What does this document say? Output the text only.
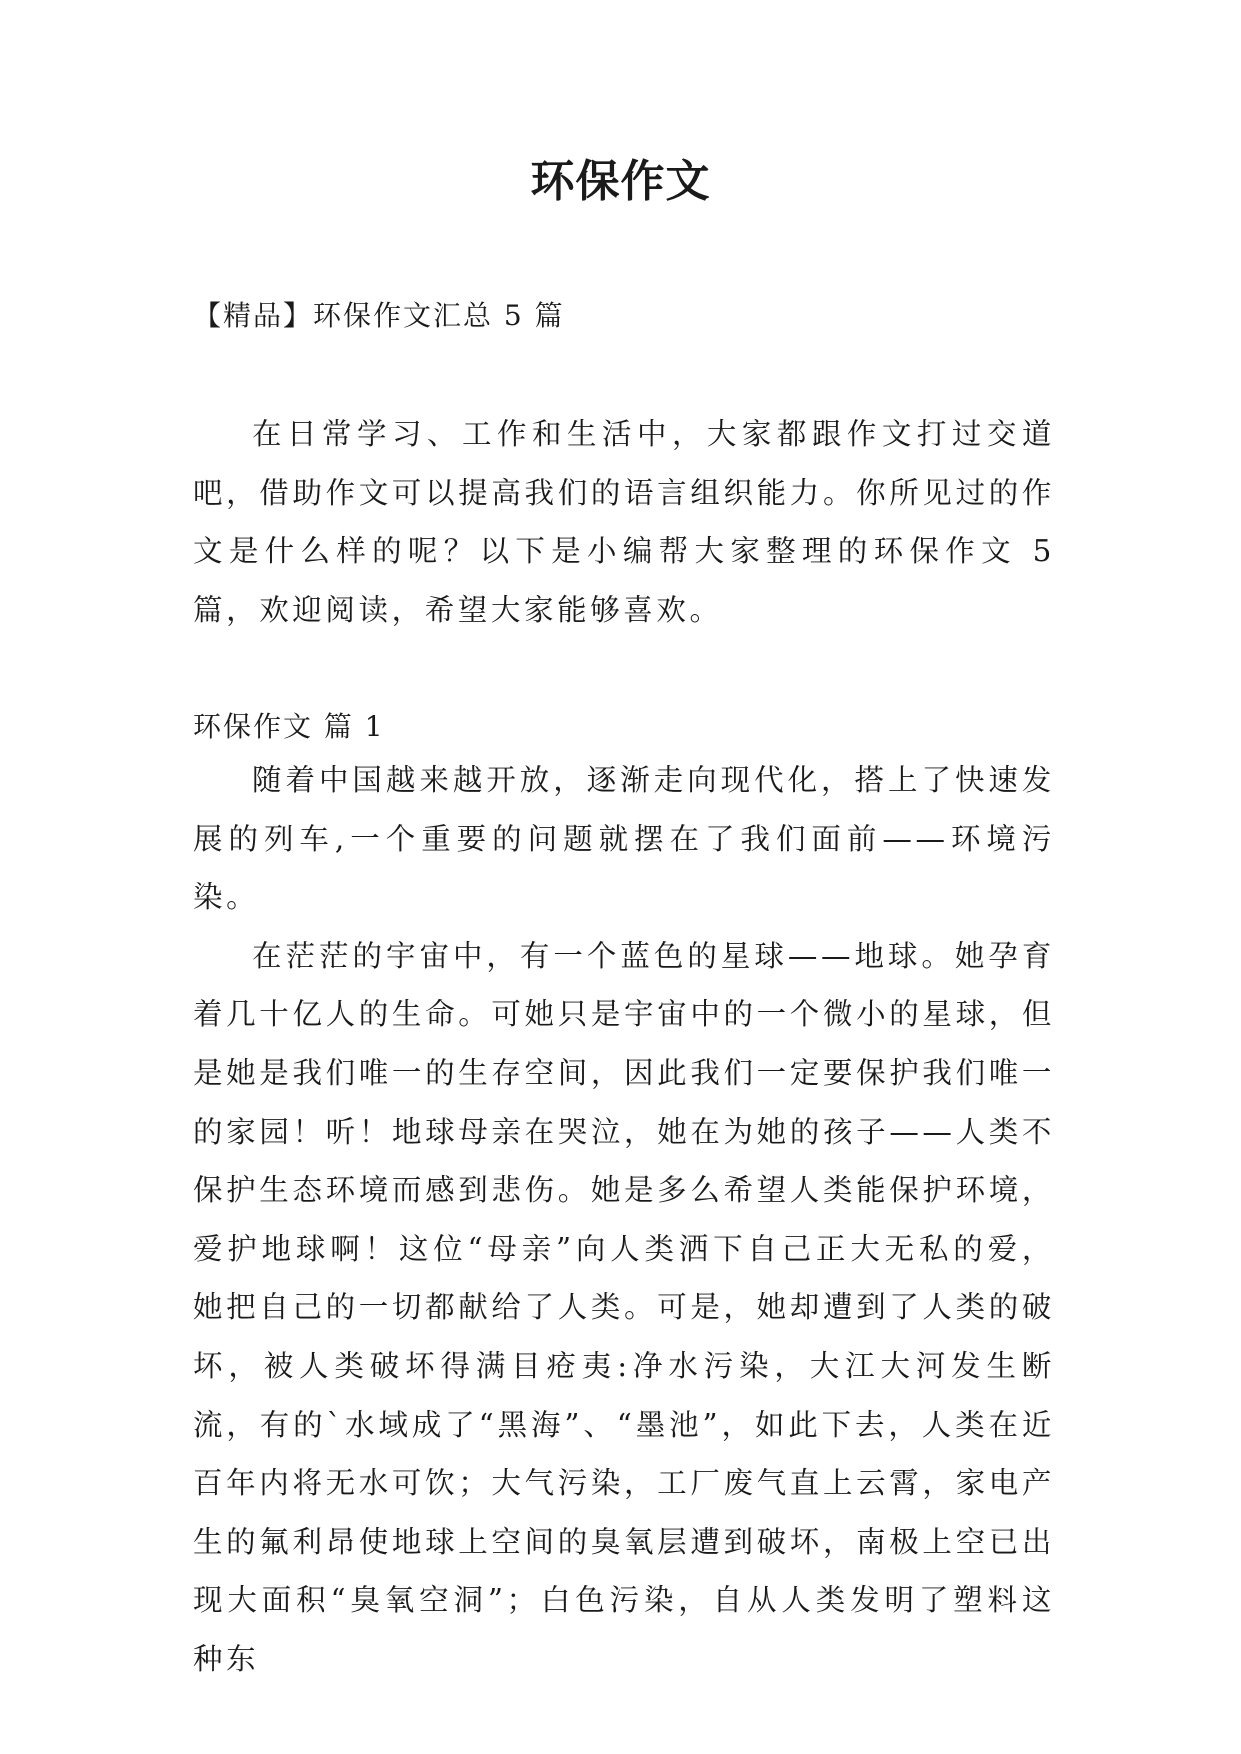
环保作文
【精品】环保作文汇总 5 篇

在日常学习、工作和生活中，大家都跟作文打过交道吧，借助作文可以提高我们的语言组织能力。你所见过的作文是什么样的呢？以下是小编帮大家整理的环保作文 5 篇，欢迎阅读，希望大家能够喜欢。

环保作文 篇 1

随着中国越来越开放，逐渐走向现代化，搭上了快速发展的列车,一个重要的问题就摆在了我们面前——环境污染。

在茫茫的宇宙中，有一个蓝色的星球——地球。她孕育着几十亿人的生命。可她只是宇宙中的一个微小的星球，但是她是我们唯一的生存空间，因此我们一定要保护我们唯一的家园！听！地球母亲在哭泣，她在为她的孩子——人类不保护生态环境而感到悲伤。她是多么希望人类能保护环境，爱护地球啊！这位“母亲”向人类洒下自己正大无私的爱，她把自己的一切都献给了人类。可是，她却遭到了人类的破坏，被人类破坏得满目疮夷:净水污染，大江大河发生断流，有的`水域成了“黑海”、“墨池”，如此下去，人类在近百年内将无水可饮；大气污染，工厂废气直上云霄，家电产生的氟利昂使地球上空间的臭氧层遭到破坏，南极上空已出现大面积“臭氧空洞”；白色污染，自从人类发明了塑料这种东
